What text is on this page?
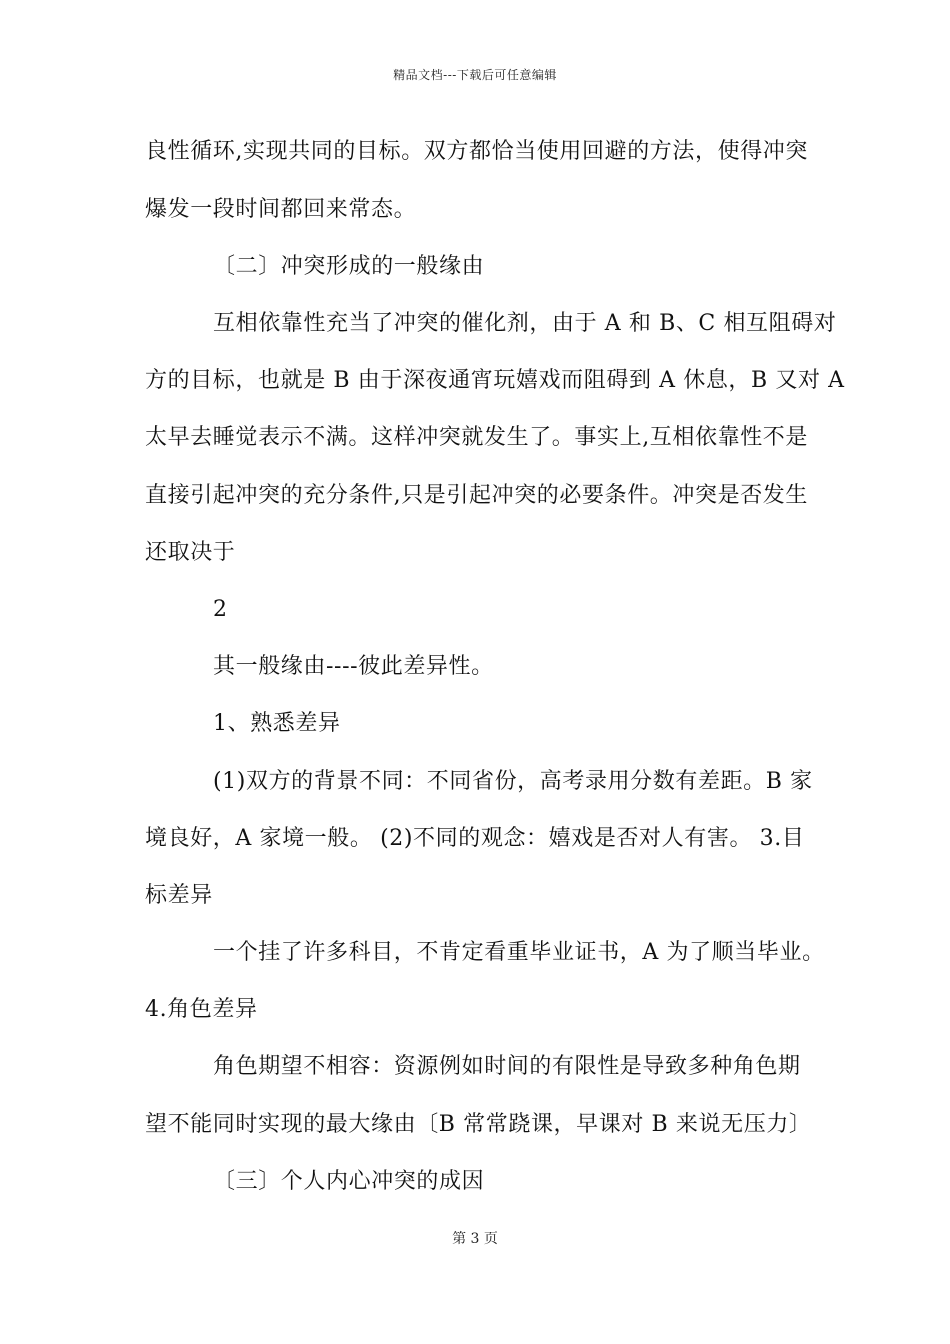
精品文档---下载后可任意编辑
良性循环,实现共同的目标。双方都恰当使用回避的方法，使得冲突
爆发一段时间都回来常态。
〔二〕冲突形成的一般缘由
互相依靠性充当了冲突的催化剂，由于 A 和 B、C 相互阻碍对
方的目标，也就是 B 由于深夜通宵玩嬉戏而阻碍到 A 休息，B 又对 A
太早去睡觉表示不满。这样冲突就发生了。事实上,互相依靠性不是
直接引起冲突的充分条件,只是引起冲突的必要条件。冲突是否发生
还取决于
2
其一般缘由----彼此差异性。
1、熟悉差异
(1)双方的背景不同：不同省份，高考录用分数有差距。B 家
境良好，A 家境一般。 (2)不同的观念：嬉戏是否对人有害。 3.目
标差异
一个挂了许多科目，不肯定看重毕业证书，A 为了顺当毕业。
4.角色差异
角色期望不相容：资源例如时间的有限性是导致多种角色期
望不能同时实现的最大缘由〔B 常常跷课，早课对 B 来说无压力〕
〔三〕个人内心冲突的成因
第 3 页
